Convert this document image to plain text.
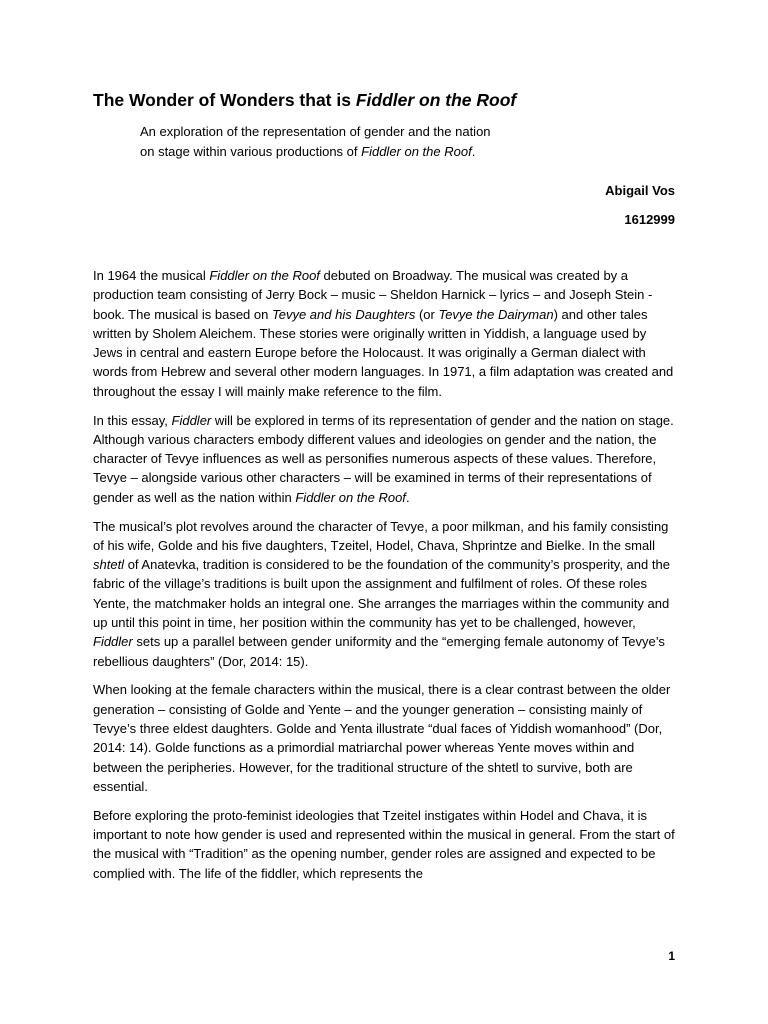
The Wonder of Wonders that is Fiddler on the Roof

An exploration of the representation of gender and the nation on stage within various productions of Fiddler on the Roof.

Abigail Vos

1612999

In 1964 the musical Fiddler on the Roof debuted on Broadway. The musical was created by a production team consisting of Jerry Bock – music – Sheldon Harnick – lyrics – and Joseph Stein - book. The musical is based on Tevye and his Daughters (or Tevye the Dairyman) and other tales written by Sholem Aleichem. These stories were originally written in Yiddish, a language used by Jews in central and eastern Europe before the Holocaust. It was originally a German dialect with words from Hebrew and several other modern languages. In 1971, a film adaptation was created and throughout the essay I will mainly make reference to the film.

In this essay, Fiddler will be explored in terms of its representation of gender and the nation on stage. Although various characters embody different values and ideologies on gender and the nation, the character of Tevye influences as well as personifies numerous aspects of these values. Therefore, Tevye – alongside various other characters – will be examined in terms of their representations of gender as well as the nation within Fiddler on the Roof.

The musical’s plot revolves around the character of Tevye, a poor milkman, and his family consisting of his wife, Golde and his five daughters, Tzeitel, Hodel, Chava, Shprintze and Bielke. In the small shtetl of Anatevka, tradition is considered to be the foundation of the community’s prosperity, and the fabric of the village’s traditions is built upon the assignment and fulfilment of roles. Of these roles Yente, the matchmaker holds an integral one. She arranges the marriages within the community and up until this point in time, her position within the community has yet to be challenged, however, Fiddler sets up a parallel between gender uniformity and the “emerging female autonomy of Tevye’s rebellious daughters” (Dor, 2014: 15).

When looking at the female characters within the musical, there is a clear contrast between the older generation – consisting of Golde and Yente – and the younger generation – consisting mainly of Tevye’s three eldest daughters. Golde and Yenta illustrate “dual faces of Yiddish womanhood” (Dor, 2014: 14). Golde functions as a primordial matriarchal power whereas Yente moves within and between the peripheries. However, for the traditional structure of the shtetl to survive, both are essential.

Before exploring the proto-feminist ideologies that Tzeitel instigates within Hodel and Chava, it is important to note how gender is used and represented within the musical in general. From the start of the musical with “Tradition” as the opening number, gender roles are assigned and expected to be complied with. The life of the fiddler, which represents the

1
